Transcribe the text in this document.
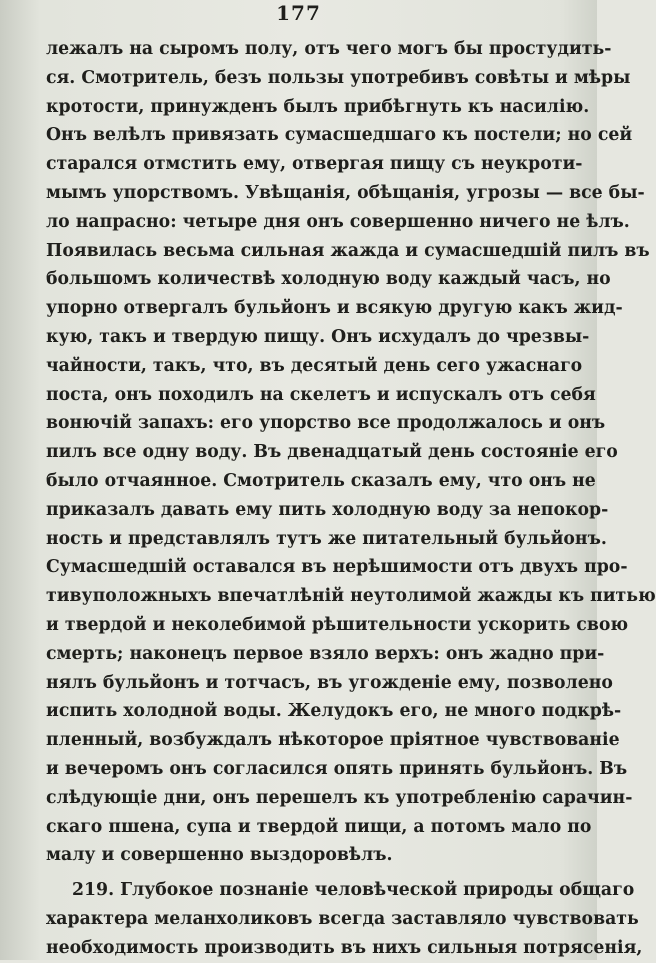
177
лежалъ на сыромъ полу, отъ чего могъ бы простудить-
ся. Смотритель, безъ пользы употребивъ совѣты и мѣры
кротости, принужденъ былъ прибѣгнуть къ насилію.
Онъ велѣлъ привязать сумасшедшаго къ постели; но сей
старался отмстить ему, отвергая пищу съ неукроти-
мымъ упорствомъ. Увѣщанія, обѣщанія, угрозы — все бы-
ло напрасно: четыре дня онъ совершенно ничего не ѣлъ.
Появилась весьма сильная жажда и сумасшедшій пилъ въ
большомъ количествѣ холодную воду каждый часъ, но
упорно отвергалъ бульйонъ и всякую другую какъ жид-
кую, такъ и твердую пищу. Онъ исхудалъ до чрезвы-
чайности, такъ, что, въ десятый день сего ужаснаго
поста, онъ походилъ на скелетъ и испускалъ отъ себя
вонючій запахъ: его упорство все продолжалось и онъ
пилъ все одну воду. Въ двенадцатый день состояніе его
было отчаянное. Смотритель сказалъ ему, что онъ не
приказалъ давать ему пить холодную воду за непокор-
ность и представлялъ тутъ же питательный бульйонъ.
Сумасшедшій оставался въ нерѣшимости отъ двухъ про-
тивуположныхъ впечатлѣній неутолимой жажды къ питью
и твердой и неколебимой рѣшительности ускорить свою
смерть; наконецъ первое взяло верхъ: онъ жадно при-
нялъ бульйонъ и тотчасъ, въ угожденіе ему, позволено
испить холодной воды. Желудокъ его, не много подкрѣ-
пленный, возбуждалъ нѣкоторое пріятное чувствованіе
и вечеромъ онъ согласился опять принять бульйонъ. Въ
слѣдующіе дни, онъ перешелъ къ употребленію сарачин-
скаго пшена, супа и твердой пищи, а потомъ мало по
малу и совершенно выздоровѣлъ.
219. Глубокое познаніе человѣческой природы общаго
характера меланхоликовъ всегда заставляло чувствовать
необходимость производить въ нихъ сильныя потрясенія,
